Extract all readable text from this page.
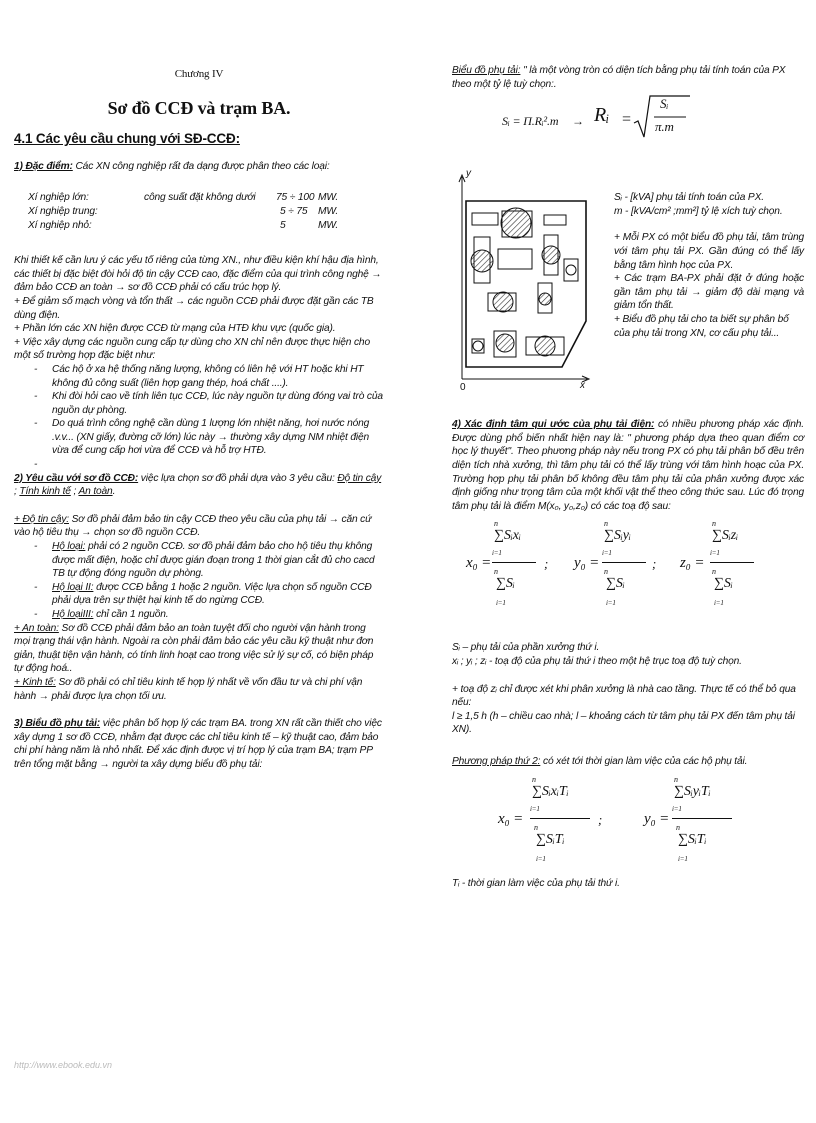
Chương IV

Sơ đồ CCĐ và trạm BA.

4.1 Các yêu cầu chung với SĐ-CCĐ:

1) Đặc điểm: Các XN công nghiệp rất đa dạng được phân theo các loại:

Xí nghiệp lớn:	công suất đặt không dưới	75 ÷ 100 MW.
Xí nghiệp trung:	5 ÷ 75	MW.
Xí nghiệp nhỏ:	5	MW.

Khi thiết kế cần lưu ý các yếu tố riêng của từng XN., như điều kiện khí hậu địa hình, các thiết bị đặc biệt đòi hỏi độ tin cậy CCĐ cao, đặc điểm của qui trình công nghệ → đảm bảo CCĐ an toàn → sơ đồ CCĐ phải có cấu trúc hợp lý.

+ Để giảm số mạch vòng và tổn thất → các nguồn CCĐ phải được đặt gần các TB dùng điện.

+ Phần lớn các XN hiện được CCĐ từ mạng của HTĐ khu vực (quốc gia).

+ Việc xây dựng các nguồn cung cấp tự dùng cho XN chỉ nên được thực hiện cho một số trường hợp đặc biệt như:

- Các hộ ở xa hệ thống năng lượng, không có liên hệ với HT hoặc khi HT không đủ công suất (liên hợp gang thép, hoá chất ....).
- Khi đòi hỏi cao về tính liên tục CCĐ, lúc này nguồn tự dùng đóng vai trò của nguồn dự phòng.
- Do quá trình công nghệ cần dùng 1 lượng lớn nhiệt năng, hơi nước nóng .v.v... (XN giấy, đường cỡ lớn) lúc này → thường xây dựng NM nhiệt điện vừa để cung cấp hơi vừa để CCĐ và hỗ trợ HTĐ.

-

2) Yêu cầu với sơ đồ CCĐ: việc lựa chọn sơ đồ phải dựa vào 3 yêu cầu: Độ tin cậy ; Tính kinh tế ; An toàn.

+ Độ tin cậy: Sơ đồ phải đảm bảo tin cậy CCĐ theo yêu cầu của phụ tải → căn cứ vào hộ tiêu thụ → chọn sơ đồ nguồn CCĐ.

- Hộ loại: phải có 2 nguồn CCĐ. sơ đồ phải đảm bảo cho hộ tiêu thụ không được mất điện, hoặc chỉ được gián đoạn trong 1 thời gian cắt đủ cho cacd TB tự động đóng nguồn dự phòng.
- Hộ loại II: được CCĐ bằng 1 hoặc 2 nguồn. Việc lựa chọn số nguồn CCĐ phải dựa trên sự thiệt hại kinh tế do ngừng CCĐ.
- Hộ loạiIII: chỉ cần 1 nguồn.

+ An toàn: Sơ đồ CCĐ phải đảm bảo an toàn tuyệt đối cho người vận hành trong mọi trạng thái vận hành. Ngoài ra còn phải đảm bảo các yêu cầu kỹ thuật như đơn giản, thuật tiện vận hành, có tính linh hoạt cao trong việc sử lý sự cố, có biện pháp tự động hoá..

+ Kinh tế: Sơ đồ phải có chỉ tiêu kinh tế hợp lý nhất về vốn đầu tư và chi phí vận hành → phải được lựa chọn tối ưu.

3) Biểu đồ phụ tải: việc phân bố hợp lý các trạm BA. trong XN rất cần thiết cho việc xây dựng 1 sơ đồ CCĐ, nhằm đạt được các chỉ tiêu kinh tế – kỹ thuật cao, đảm bảo chi phí hàng năm là nhỏ nhất. Để xác định được vị trí hợp lý của trạm BA; trạm PP trên tổng mặt bằng → người ta xây dựng biểu đồ phụ tải:

http://www.ebook.edu.vn

Biểu đồ phụ tải: " là một vòng tròn có diện tích bằng phụ tải tính toán của PX theo một tỷ lệ tuỳ chọn:.

Sᵢ = Π.Rᵢ².m → Rᵢ =
Sᵢ
π.m
y
x
0

Sᵢ - [kVA] phụ tải tính toán của PX.

m - [kVA/cm² ;mm²] tỷ lệ xích tuỳ chọn.

+ Mỗi PX có một biểu đồ phụ tải, tâm trùng với tâm phụ tải PX. Gần đúng có thể lấy bằng tâm hình học của PX.

+ Các trạm BA-PX phải đặt ở đúng hoặc gần tâm phụ tải → giảm độ dài mạng và giảm tổn thất.

+ Biểu đồ phụ tải cho ta biết sự phân bố của phụ tải trong XN, cơ cấu phụ tải...

4) Xác định tâm qui ước của phụ tải điện: có nhiều phương pháp xác định. Được dùng phổ biến nhất hiện nay là: " phương pháp dựa theo quan điểm cơ học lý thuyết". Theo phương pháp này nếu trong PX có phụ tải phân bố đều trên diện tích nhà xưởng, thì tâm phụ tải có thể lấy trùng với tâm hình hoạc của PX. Trường hợp phụ tải phân bố không đều tâm phụ tải của phân xưởng được xác định giống như trọng tâm của một khối vật thể theo công thức sau. Lúc đó trọng tâm phụ tải là điểm M(x₀, y₀,z₀) có các toạ độ sau:

x₀ =
n
∑Sᵢxᵢ
i=1
n
∑Sᵢ
i=1
; y₀ =
n
∑Sᵢyᵢ
i=1
n
∑Sᵢ
i=1
; z₀ =
n
∑Sᵢzᵢ
i=1
n
∑Sᵢ
i=1

Sᵢ – phụ tải của phần xưởng thứ i.

xᵢ ; yᵢ ; zᵢ - toạ độ của phụ tải thứ i theo một hệ trục toạ độ tuỳ chọn.

+ toạ độ zᵢ chỉ được xét khi phân xưởng là nhà cao tầng. Thực tế có thể bỏ qua nếu:

l ≥ 1,5 h (h – chiều cao nhà; l – khoảng cách từ tâm phụ tải PX đến tâm phụ tải XN).

Phương pháp thứ 2: có xét tới thời gian làm việc của các hộ phụ tải.

x₀ =
n
∑SᵢxᵢTᵢ
i=1
n
∑SᵢTᵢ
i=1
;	y₀ =
n
∑SᵢyᵢTᵢ
i=1
n
∑SᵢTᵢ
i=1

Tᵢ - thời gian làm việc của phụ tải thứ i.
